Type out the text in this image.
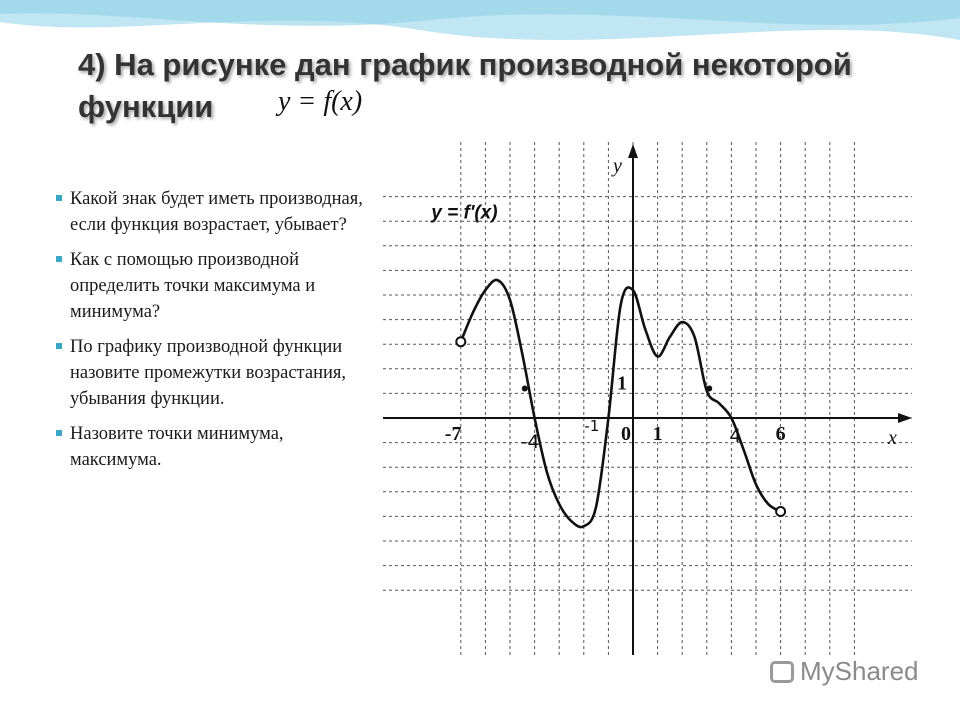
4) На рисунке дан график производной некоторой функции	y = f(x)
Какой знак будет иметь производная, если функция возрастает, убывает?
Как с помощью производной определить точки максимума и минимума?
По графику производной функции назовите промежутки возрастания, убывания функции.
Назовите точки минимума, максимума.
x
y
y = f'(x)
-7	0 1	6
1
-4
-1	4
MyShared
